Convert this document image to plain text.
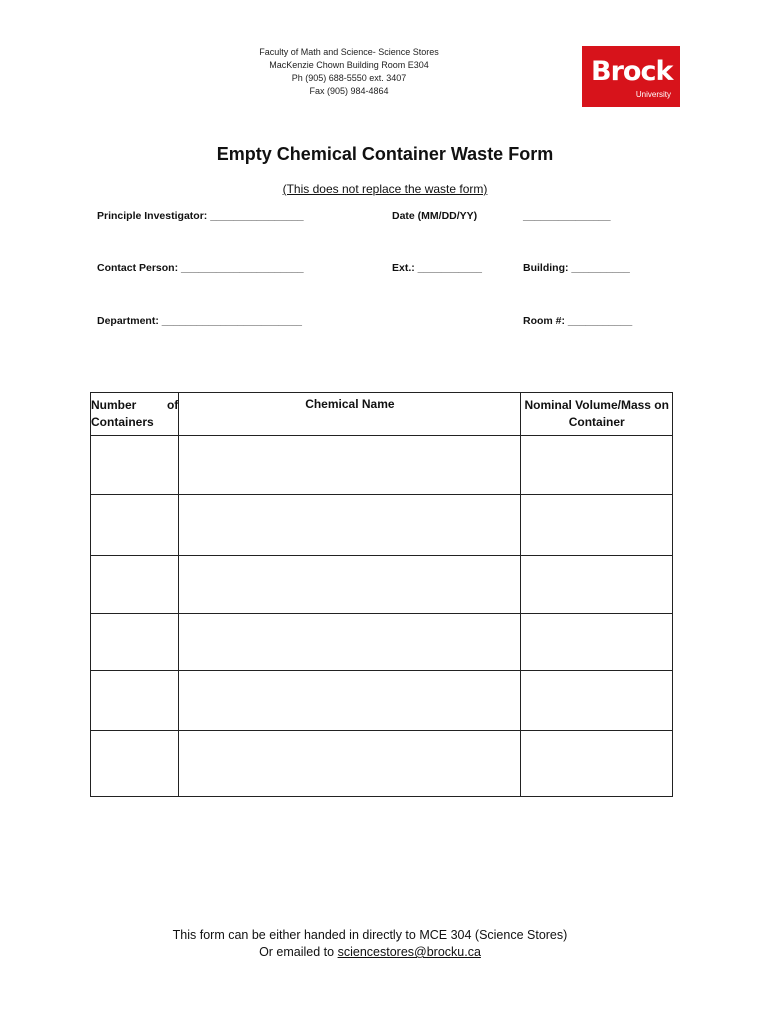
Faculty of Math and Science- Science Stores
MacKenzie Chown Building Room E304
Ph (905) 688-5550 ext. 3407
Fax (905) 984-4864
Brock
University
Empty Chemical Container Waste Form
(This does not replace the waste form)
Principle Investigator: ________________	Date (MM/DD/YY)	_______________
Contact Person: _____________________	Ext.: ___________	Building: __________
Department: ________________________	Room #: ___________
Number of Containers	Chemical Name	Nominal Volume/Mass on Container

This form can be either handed in directly to MCE 304 (Science Stores)
Or emailed to sciencestores@brocku.ca
